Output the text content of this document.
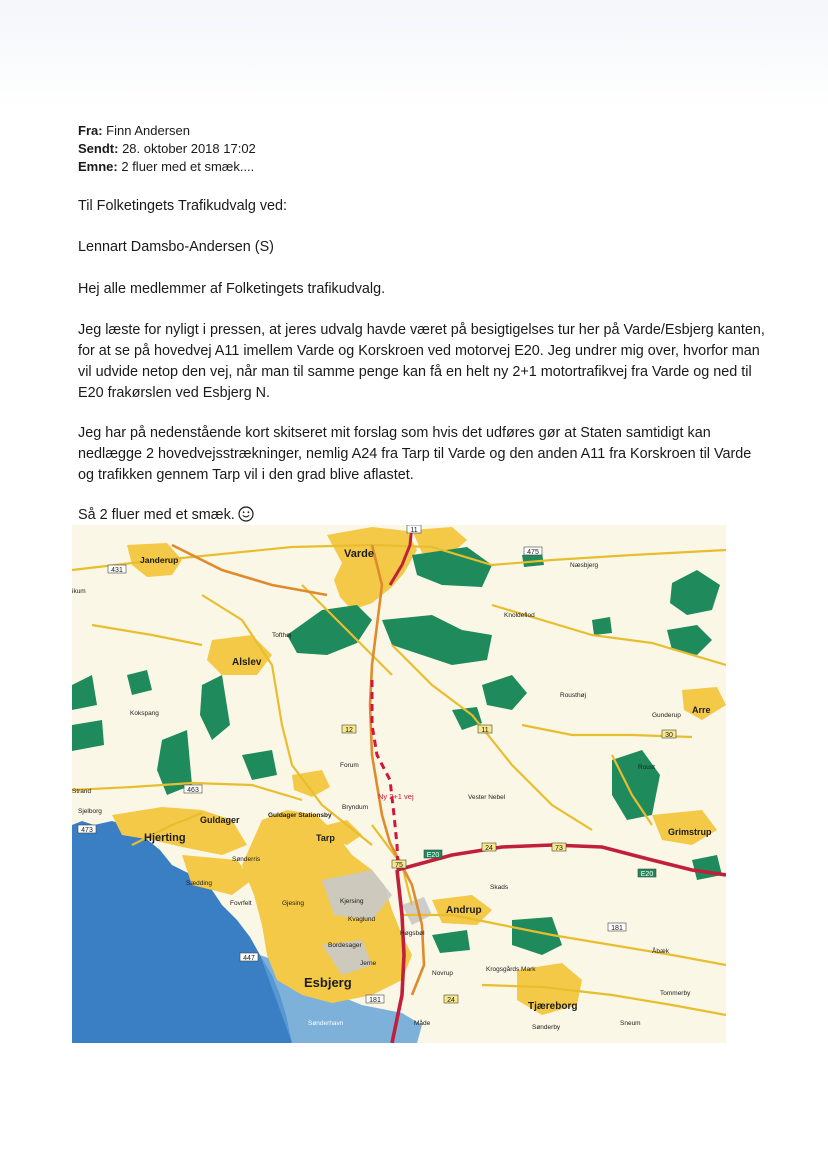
Fra: Finn Andersen
Sendt: 28. oktober 2018 17:02
Emne: 2 fluer med et smæk....

Til Folketingets Trafikudvalg ved:

Lennart Damsbo-Andersen (S)

Hej alle medlemmer af Folketingets trafikudvalg.

Jeg læste for nyligt i pressen, at jeres udvalg havde været på besigtigelses tur her på Varde/Esbjerg kanten, for at se på hovedvej A11 imellem Varde og Korskroen ved motorvej E20. Jeg undrer mig over, hvorfor man vil udvide netop den vej, når man til samme penge kan få en helt ny 2+1 motortrafikvej fra Varde og ned til E20 frakørslen ved Esbjerg N.

Jeg har på nedenstående kort skitseret mit forslag som hvis det udføres gør at Staten samtidigt kan nedlægge 2 hovedvejsstrækninger, nemlig A24 fra Tarp til Varde og den anden A11 fra Korskroen til Varde og trafikken gennem Tarp vil i den grad blive aflastet.

Så 2 fluer med et smæk.

11
475
431
12
463
473
75
E20
E20
24
24
73
181
181
447
11
30
Varde
Janderup
Alslev
Esbjerg
Hjerting
Guldager
Tarp
Andrup
Tjæreborg
Grimstrup
Arre
Næsbjerg
Knoldeflod
Tofthøj
Kokspang
Forum
Bryndum
Vester Nebel
Guldager Stationsby
Sønderris
Sædding
Fovrfelt	Gjesing	Kjersing
Kvaglund
Bordesager
Jerne
Novrup
Skads
Krogsgårds Mark
Åbæk
Tommerby
Sneum
Sønderby
Måde
Sønderhavn
Rousthøj
Gunderup
Roust
Sjelborg
Strand
ikum
Høgsbøl
Ny 2+1 vej
